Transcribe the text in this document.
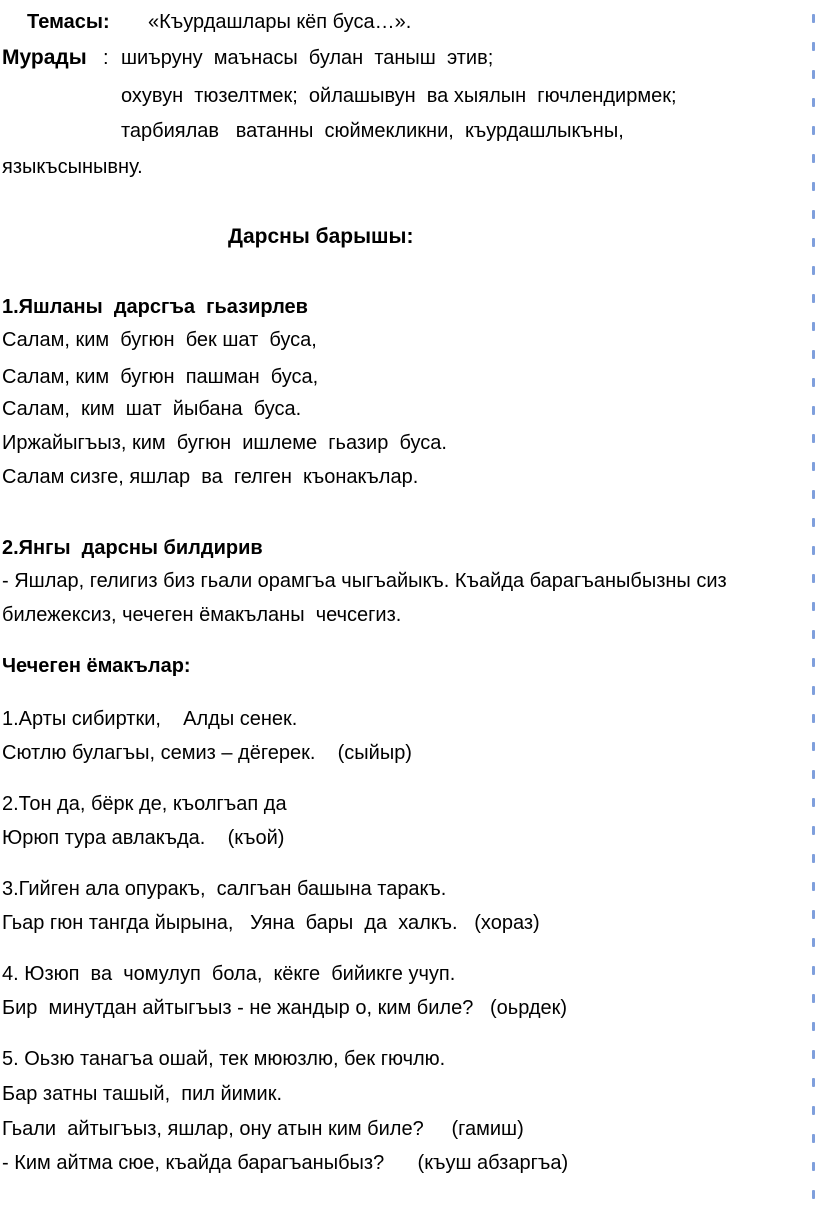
Темасы: «Къурдашлары кёп буса…».
Мурады : шиъруну  маънасы  булан  таныш  этив;
охувун  тюзелтмек;  ойлашывун  ва хыялын  гючлендирмек;
тарбиялав   ватанны  сюймекликни,  къурдашлыкъны,
языкъсынывну.
Дарсны барышы:
1.Яшланы  дарсгъа  гьазирлев
Салам, ким  бугюн  бек шат  буса,
Салам, ким  бугюн  пашман  буса,
Салам,  ким  шат  йыбана  буса.
Иржайыгъыз, ким  бугюн  ишлеме  гьазир  буса.
Салам сизге, яшлар  ва  гелген  къонакълар.
2.Янгы  дарсны билдирив
- Яшлар, гелигиз биз гьали орамгъа чыгъайыкъ. Къайда барагъаныбызны сиз
билежексиз, чечеген ёмакъланы  чечсегиз.
Чечеген ёмакълар:
1.Арты сибиртки,    Алды сенек.
Сютлю булагъы, семиз – дёгерек.    (сыйыр)
2.Тон да, бёрк де, къолгъап да
Юрюп тура авлакъда.    (къой)
3.Гийген ала опуракъ,  салгъан башына таракъ.
Гьар гюн тангда йырына,   Уяна  бары  да  халкъ.   (хораз)
4. Юзюп  ва  чомулуп  бола,  кёкге  бийикге учуп.
Бир  минутдан айтыгъыз - не жандыр о, ким биле?   (оьрдек)
5. Оьзю танагъа ошай, тек мююзлю, бек гючлю.
Бар затны ташый,  пил йимик.
Гьали  айтыгъыз, яшлар, ону атын ким биле?     (гамиш)
- Ким айтма сюе, къайда барагъаныбыз?      (къуш абзаргъа)
